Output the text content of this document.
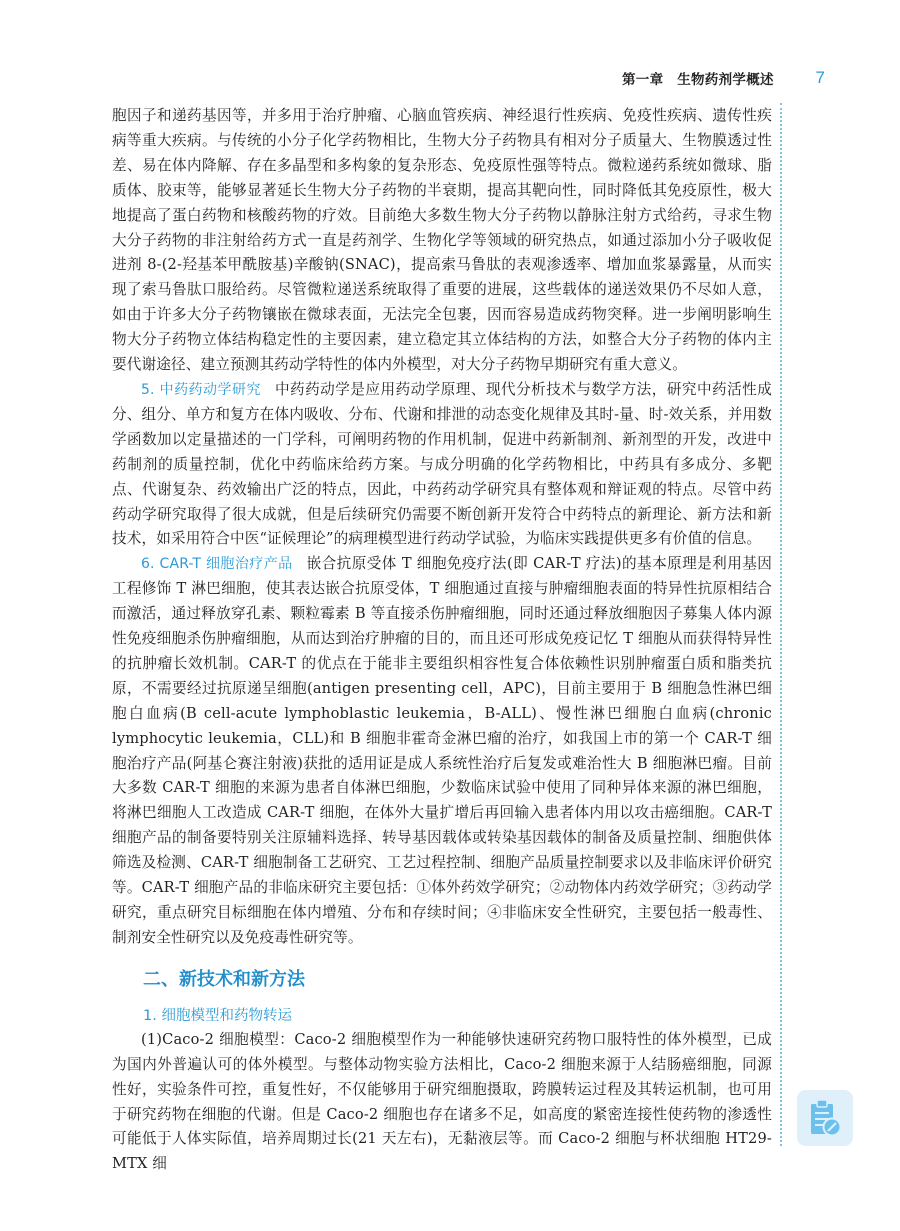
第一章　生物药剂学概述 7

胞因子和递药基因等，并多用于治疗肿瘤、心脑血管疾病、神经退行性疾病、免疫性疾病、遗传性疾病等重大疾病。与传统的小分子化学药物相比，生物大分子药物具有相对分子质量大、生物膜透过性差、易在体内降解、存在多晶型和多构象的复杂形态、免疫原性强等特点。微粒递药系统如微球、脂质体、胶束等，能够显著延长生物大分子药物的半衰期，提高其靶向性，同时降低其免疫原性，极大地提高了蛋白药物和核酸药物的疗效。目前绝大多数生物大分子药物以静脉注射方式给药，寻求生物大分子药物的非注射给药方式一直是药剂学、生物化学等领域的研究热点，如通过添加小分子吸收促进剂 8-(2-羟基苯甲酰胺基)辛酸钠(SNAC)，提高索马鲁肽的表观渗透率、增加血浆暴露量，从而实现了索马鲁肽口服给药。尽管微粒递送系统取得了重要的进展，这些载体的递送效果仍不尽如人意，如由于许多大分子药物镶嵌在微球表面，无法完全包裹，因而容易造成药物突释。进一步阐明影响生物大分子药物立体结构稳定性的主要因素，建立稳定其立体结构的方法，如整合大分子药物的体内主要代谢途径、建立预测其药动学特性的体内外模型，对大分子药物早期研究有重大意义。

5. 中药药动学研究 中药药动学是应用药动学原理、现代分析技术与数学方法，研究中药活性成分、组分、单方和复方在体内吸收、分布、代谢和排泄的动态变化规律及其时-量、时-效关系，并用数学函数加以定量描述的一门学科，可阐明药物的作用机制，促进中药新制剂、新剂型的开发，改进中药制剂的质量控制，优化中药临床给药方案。与成分明确的化学药物相比，中药具有多成分、多靶点、代谢复杂、药效输出广泛的特点，因此，中药药动学研究具有整体观和辩证观的特点。尽管中药药动学研究取得了很大成就，但是后续研究仍需要不断创新开发符合中药特点的新理论、新方法和新技术，如采用符合中医“证候理论”的病理模型进行药动学试验，为临床实践提供更多有价值的信息。

6. CAR-T 细胞治疗产品 嵌合抗原受体 T 细胞免疫疗法(即 CAR-T 疗法)的基本原理是利用基因工程修饰 T 淋巴细胞，使其表达嵌合抗原受体，T 细胞通过直接与肿瘤细胞表面的特异性抗原相结合而激活，通过释放穿孔素、颗粒霉素 B 等直接杀伤肿瘤细胞，同时还通过释放细胞因子募集人体内源性免疫细胞杀伤肿瘤细胞，从而达到治疗肿瘤的目的，而且还可形成免疫记忆 T 细胞从而获得特异性的抗肿瘤长效机制。CAR-T 的优点在于能非主要组织相容性复合体依赖性识别肿瘤蛋白质和脂类抗原，不需要经过抗原递呈细胞(antigen presenting cell，APC)，目前主要用于 B 细胞急性淋巴细胞白血病(B cell-acute lymphoblastic leukemia，B-ALL)、慢性淋巴细胞白血病(chronic lymphocytic leukemia，CLL)和 B 细胞非霍奇金淋巴瘤的治疗，如我国上市的第一个 CAR-T 细胞治疗产品(阿基仑赛注射液)获批的适用证是成人系统性治疗后复发或难治性大 B 细胞淋巴瘤。目前大多数 CAR-T 细胞的来源为患者自体淋巴细胞，少数临床试验中使用了同种异体来源的淋巴细胞，将淋巴细胞人工改造成 CAR-T 细胞，在体外大量扩增后再回输入患者体内用以攻击癌细胞。CAR-T 细胞产品的制备要特别关注原辅料选择、转导基因载体或转染基因载体的制备及质量控制、细胞供体筛选及检测、CAR-T 细胞制备工艺研究、工艺过程控制、细胞产品质量控制要求以及非临床评价研究等。CAR-T 细胞产品的非临床研究主要包括：①体外药效学研究；②动物体内药效学研究；③药动学研究，重点研究目标细胞在体内增殖、分布和存续时间；④非临床安全性研究，主要包括一般毒性、制剂安全性研究以及免疫毒性研究等。

二、新技术和新方法
1. 细胞模型和药物转运

(1)Caco-2 细胞模型：Caco-2 细胞模型作为一种能够快速研究药物口服特性的体外模型，已成为国内外普遍认可的体外模型。与整体动物实验方法相比，Caco-2 细胞来源于人结肠癌细胞，同源性好，实验条件可控，重复性好，不仅能够用于研究细胞摄取，跨膜转运过程及其转运机制，也可用于研究药物在细胞的代谢。但是 Caco-2 细胞也存在诸多不足，如高度的紧密连接性使药物的渗透性可能低于人体实际值，培养周期过长(21 天左右)，无黏液层等。而 Caco-2 细胞与杯状细胞 HT29-MTX 细
